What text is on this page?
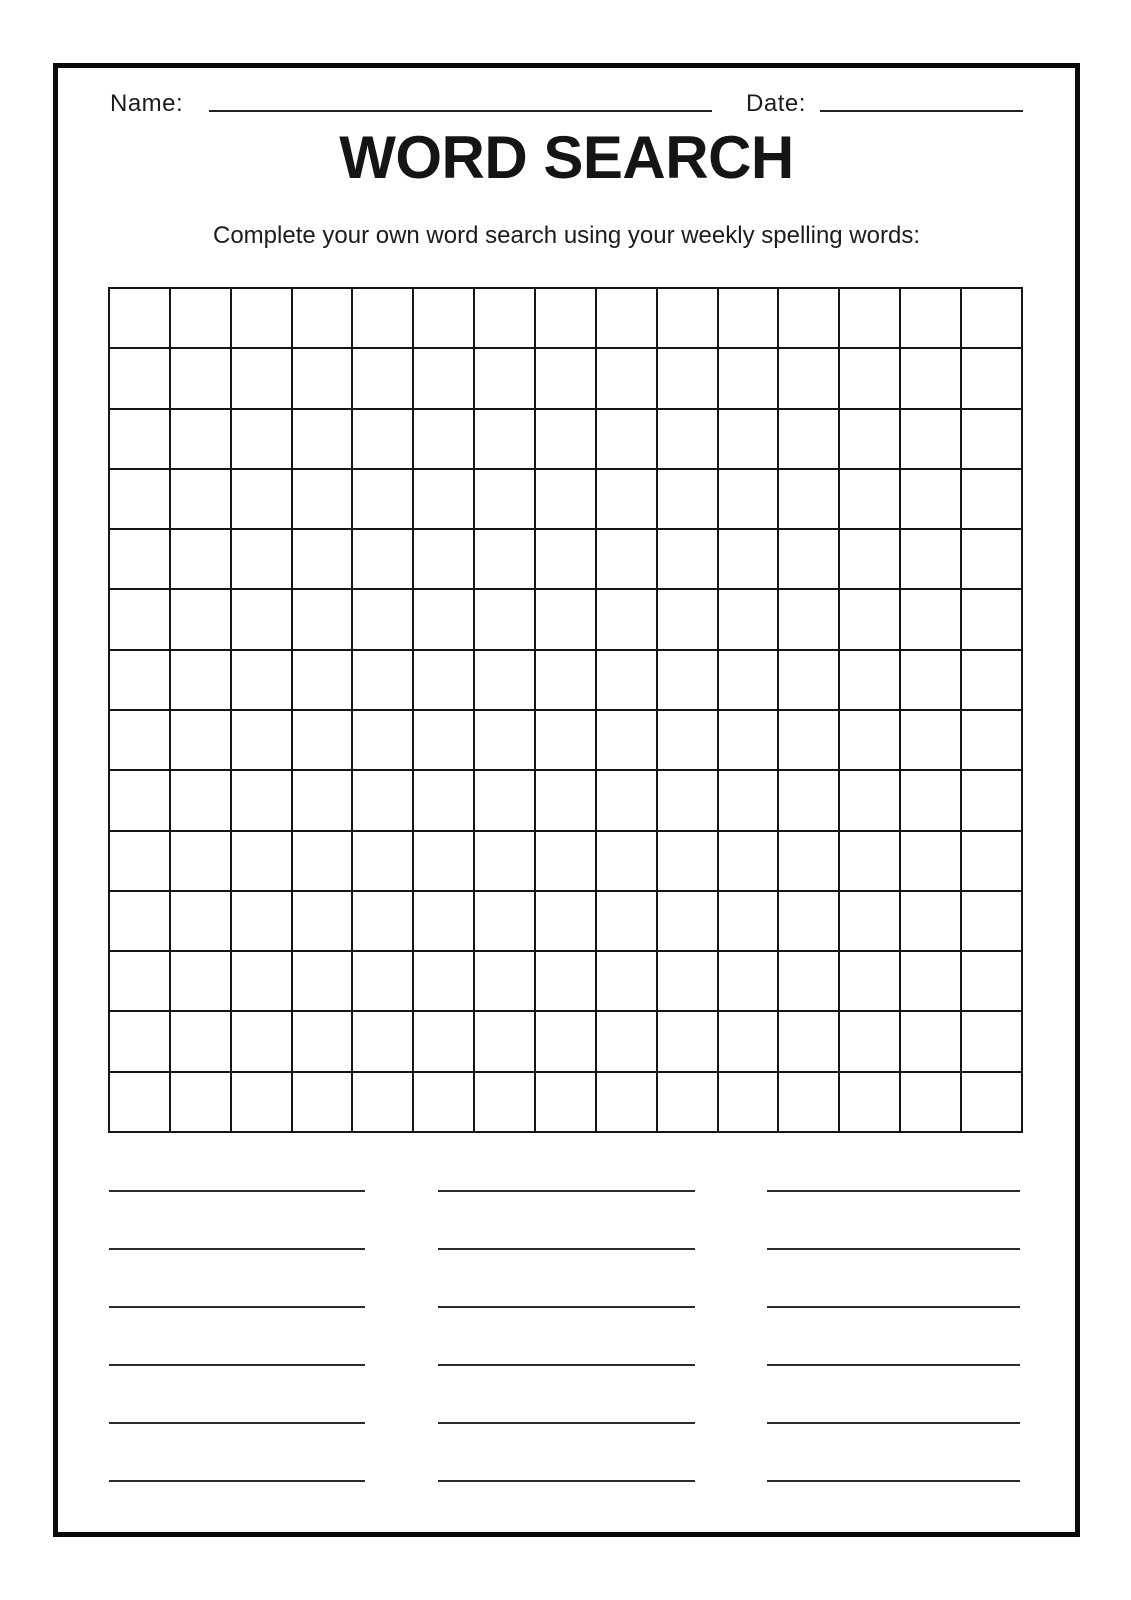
Name:	Date:
WORD SEARCH

Complete your own word search using your weekly spelling words:
